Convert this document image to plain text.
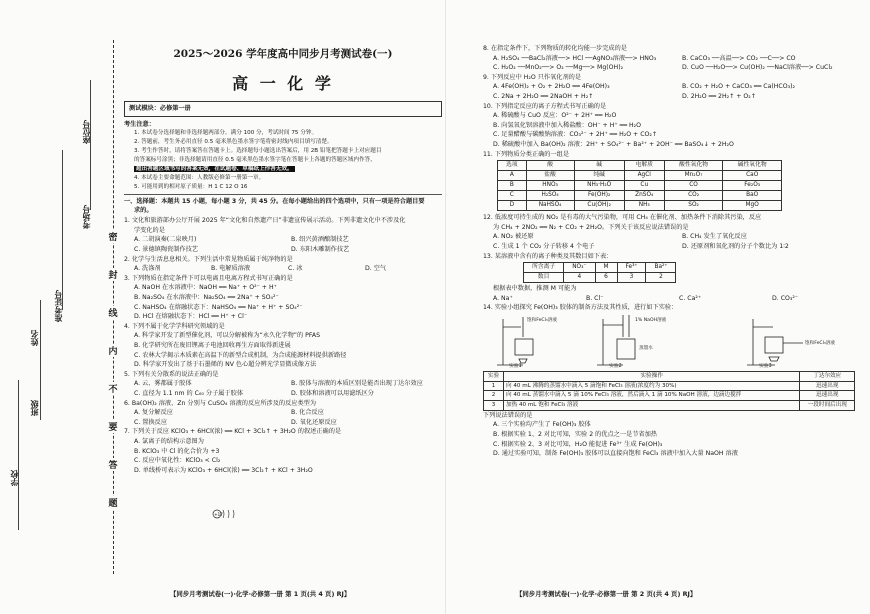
学校
班级
姓名
准考证号
考场号
座位号
密
封
线
内
不
要
答
题
2025～2026 学年度高中同步月考测试卷(一)
高 一 化 学
测试模块：必修第一册

考生注意：

1. 本试卷分选择题和非选择题两部分。满分 100 分，考试时间 75 分钟。

2. 答题前，考生务必用直径 0.5 毫米黑色墨水签字笔将密封线内项目填写清楚。

3. 考生作答时，请将答案答在答题卡上。选择题每小题选出答案后，用 2B 铅笔把答题卡上对应题目

的答案标号涂黑；非选择题请用直径 0.5 毫米黑色墨水签字笔在答题卡上各题的答题区域内作答，

超出答题区域书写的答案无效，在试题卷、草稿纸上作答无效。

4. 本试卷主要命题范围：人教版必修第一册第一章。

5. 可能用到的相对原子质量：H 1 C 12 O 16

一、选择题：本题共 15 小题，每小题 3 分，共 45 分。在每小题给出的四个选项中，只有一项是符合题目要

求的。

1. 文化和旅游部办公厅开展 2025 年“文化和自然遗产日”非遗宣传展示活动。下列非遗文化中不涉及化

学变化的是

A. 二胡演奏(二泉映月)	B. 绍兴黄酒酿制技艺

C. 景德镇陶瓷制作技艺	D. 东阳木雕制作技艺

2. 化学与生活息息相关。下列生活中常见物质属于纯净物的是

A. 洗涤剂	B. 电解质溶液	C. 冰	D. 空气

3. 下列物质在指定条件下可以电离且电离方程式书写正确的是

A. NaOH 在水溶液中：NaOH ══ Na⁺ + O²⁻ + H⁺

B. Na₂SO₄ 在水溶液中：Na₂SO₄ ══ 2Na⁺ + SO₄²⁻

C. NaHSO₄ 在熔融状态下：NaHSO₄ ══ Na⁺ + H⁺ + SO₄²⁻

D. HCl 在熔融状态下：HCl ══ H⁺ + Cl⁻

4. 下列不属于化学学科研究领域的是

A. 科学家开发了新型催化剂，可以分解被称为“永久化学物”的 PFAS

B. 化学研究所在废旧锂离子电池回收再生方面取得新进展

C. 农林大学揭示木质素在高温下的新型合成机制，为合成能源材料提供新路径

D. 科学家开发出了基于石墨烯的 NV 色心超分辨光学显微成像方法

5. 下列有关分散系的说法正确的是

A. 云、雾都属于胶体	B. 胶体与溶液的本质区别是能否出现丁达尔效应

C. 直径为 1.1 nm 的 C₆₀ 分子属于胶体	D. 胶体和溶液可以用滤纸区分

6. Ba(OH)₂ 溶液、Zn 分别与 CuSO₄ 溶液的反应所涉及的反应类型为

A. 复分解反应	B. 化合反应

C. 置换反应	D. 氧化还原反应

7. 下列关于反应 KClO₃ + 6HCl(浓) ══ KCl + 3Cl₂↑ + 3H₂O 的叙述正确的是

A. 氯离子的结构示意图为

B. KClO₃ 中 Cl 的化合价为 +3

C. 反应中氧化性：KClO₃ < Cl₂

D. 单线桥可表示为 KClO₃ + 6HCl(浓) ══ 3Cl₂↑ + KCl + 3H₂O

+17
【同步月考测试卷(一)·化学·必修第一册 第 1 页(共 4 页) RJ】

8. 在指定条件下，下列物质的转化均能一步完成的是

A. H₂SO₄ ──BaCl₂溶液──> HCl ──AgNO₃溶液──> HNO₃	B. CaCO₃ ──高温──> CO₂ ──C──> CO

C. H₂O₂ ──MnO₂──> O₂ ──Mg──> Mg(OH)₂	D. CuO ──H₂O──> Cu(OH)₂ ──NaCl溶液──> CuCl₂

9. 下列反应中 H₂O 只作氧化剂的是

A. 4Fe(OH)₂ + O₂ + 2H₂O ══ 4Fe(OH)₃	B. CO₂ + H₂O + CaCO₃ ══ Ca(HCO₃)₂

C. 2Na + 2H₂O ══ 2NaOH + H₂↑	D. 2H₂O ══ 2H₂↑ + O₂↑

10. 下列指定反应的离子方程式书写正确的是

A. 稀硫酸与 CuO 反应：O²⁻ + 2H⁺ ══ H₂O

B. 向氢氧化钡溶液中加入稀盐酸：OH⁻ + H⁺ ══ H₂O

C. 足量醋酸与碳酸钠溶液：CO₃²⁻ + 2H⁺ ══ H₂O + CO₂↑

D. 稀硫酸中加入 Ba(OH)₂ 溶液：2H⁺ + SO₄²⁻ + Ba²⁺ + 2OH⁻ ══ BaSO₄↓ + 2H₂O

11. 下列物质分类正确的一组是

选项	酸	碱	电解质	酸性氧化物	碱性氧化物
A	盐酸	纯碱	AgCl	Mn₂O₇	CaO
B	HNO₃	NH₃·H₂O	Cu	CO	Fe₂O₃
C	H₂SO₄	Fe(OH)₂	ZnSO₄	CO₂	BaO
D	NaHSO₄	Cu(OH)₂	NH₃	SO₂	MgO

12. 低浓度可持生成的 NO₂ 是有毒的大气污染物，可用 CH₄ 在催化剂、加热条件下消除其污染，反应

为 CH₄ + 2NO₂ ══ N₂ + CO₂ + 2H₂O。下列关于该反应说法错误的是

A. NO₂ 被还原	B. CH₄ 发生了氧化反应

C. 生成 1 个 CO₂ 分子转移 4 个电子	D. 还原剂和氧化剂的分子个数比为 1∶2

13. 某溶液中含有的离子种类及其数目如下表：

所含离子	NO₃⁻	M	Fe³⁺	Ba²⁺
数目	4	6	3	2

根据表中数据，推测 M 可能为

A. Na⁺	B. Cl⁻	C. Ca²⁺	D. CO₃²⁻

14. 实验小组探究 Fe(OH)₃ 胶体的制备方法及其性质，进行如下实验：

实验1	实验2	实验3
饱和FeCl₃溶液	1% NaOH溶液
蒸馏水
饱和FeCl₃溶液
实验	实验操作	丁达尔效应
1	向 40 mL 沸腾的蒸馏水中滴入 5 滴饱和 FeCl₃ 溶液(浓度约为 30%)	迅速出现
2	向 40 mL 蒸馏水中滴入 5 滴 10% FeCl₃ 溶液，然后滴入 1 滴 10% NaOH 溶液，边滴边搅拌	迅速出现
3	加热 40 mL 饱和 FeCl₃ 溶液	一段时间后出现

下列说法错误的是

A. 三个实验均产生了 Fe(OH)₃ 胶体

B. 根据实验 1、2 对比可知，实验 2 的优点之一是节省加热

C. 根据实验 2、3 对比可知，H₂O 能促进 Fe³⁺ 生成 Fe(OH)₃

D. 通过实验可知，制备 Fe(OH)₃ 胶体可以直接向饱和 FeCl₃ 溶液中加入大量 NaOH 溶液

【同步月考测试卷(一)·化学·必修第一册 第 2 页(共 4 页) RJ】
